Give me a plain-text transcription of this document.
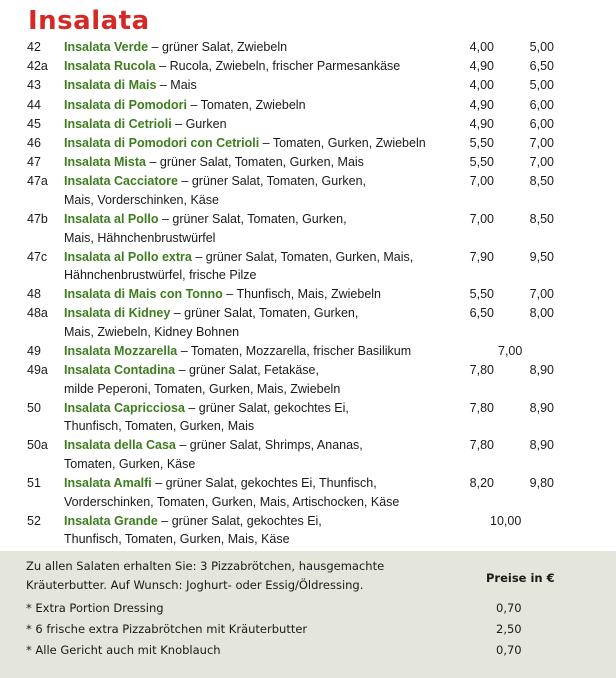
Insalata
42 Insalata Verde – grüner Salat, Zwiebeln	4,00	5,00
42a Insalata Rucola – Rucola, Zwiebeln, frischer Parmesankäse	4,90	6,50
43 Insalata di Mais – Mais	4,00	5,00
44 Insalata di Pomodori – Tomaten, Zwiebeln	4,90	6,00
45 Insalata di Cetrioli – Gurken	4,90	6,00
46 Insalata di Pomodori con Cetrioli – Tomaten, Gurken, Zwiebeln	5,50	7,00
47 Insalata Mista – grüner Salat, Tomaten, Gurken, Mais	5,50	7,00
47a Insalata Cacciatore – grüner Salat, Tomaten, Gurken,
Mais, Vorderschinken, Käse
7,00	8,50
47b Insalata al Pollo – grüner Salat, Tomaten, Gurken,
Mais, Hähnchenbrustwürfel
7,00	8,50
47c Insalata al Pollo extra – grüner Salat, Tomaten, Gurken, Mais,
Hähnchenbrustwürfel, frische Pilze
7,90	9,50
48 Insalata di Mais con Tonno – Thunfisch, Mais, Zwiebeln	5,50	7,00
48a Insalata di Kidney – grüner Salat, Tomaten, Gurken,
Mais, Zwiebeln, Kidney Bohnen
6,50	8,00
49 Insalata Mozzarella – Tomaten, Mozzarella, frischer Basilikum	7,00
49a Insalata Contadina – grüner Salat, Fetakäse,
milde Peperoni, Tomaten, Gurken, Mais, Zwiebeln
7,80	8,90
50 Insalata Capricciosa – grüner Salat, gekochtes Ei,
Thunfisch, Tomaten, Gurken, Mais
7,80	8,90
50a Insalata della Casa – grüner Salat, Shrimps, Ananas,
Tomaten, Gurken, Käse
7,80	8,90
51 Insalata Amalfi – grüner Salat, gekochtes Ei, Thunfisch,
Vorderschinken, Tomaten, Gurken, Mais, Artischocken, Käse
8,20	9,80
52 Insalata Grande – grüner Salat, gekochtes Ei,
Thunfisch, Tomaten, Gurken, Mais, Käse
10,00
Zu allen Salaten erhalten Sie: 3 Pizzabrötchen, hausgemachte
Kräuterbutter. Auf Wunsch: Joghurt- oder Essig/Öldressing.	Preise in €
* Extra Portion Dressing	0,70
* 6 frische extra Pizzabrötchen mit Kräuterbutter	2,50
* Alle Gericht auch mit Knoblauch	0,70
